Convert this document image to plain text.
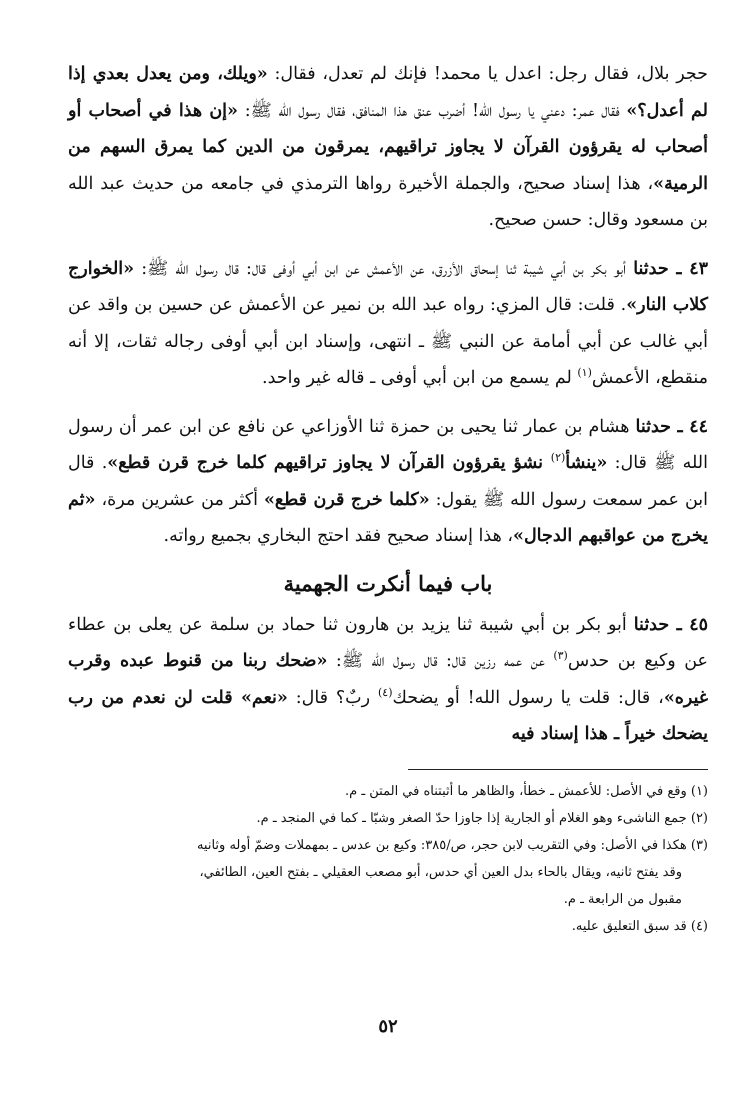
حجر بلال، فقال رجل: اعدل يا محمد! فإنك لم تعدل، فقال: «ويلك، ومن يعدل بعدي إذا لم أعدل؟» فقال عمر: دعني يا رسول الله! أضرب عنق هذا المنافق، فقال رسول الله ﷺ: «إن هذا في أصحاب أو أصحاب له يقرؤون القرآن لا يجاوز تراقيهم، يمرقون من الدين كما يمرق السهم من الرمية»، هذا إسناد صحيح، والجملة الأخيرة رواها الترمذي في جامعه من حديث عبد الله بن مسعود وقال: حسن صحيح.

٤٣ ـ حدثنا أبو بكر بن أبي شيبة ثنا إسحاق الأزرق، عن الأعمش عن ابن أبي أوفى قال: قال رسول الله ﷺ: «الخوارج كلاب النار». قلت: قال المزي: رواه عبد الله بن نمير عن الأعمش عن حسين بن واقد عن أبي غالب عن أبي أمامة عن النبي ﷺ ـ انتهى، وإسناد ابن أبي أوفى رجاله ثقات، إلا أنه منقطع، الأعمش$^{(١)}$ لم يسمع من ابن أبي أوفى ـ قاله غير واحد.

٤٤ ـ حدثنا هشام بن عمار ثنا يحيى بن حمزة ثنا الأوزاعي عن نافع عن ابن عمر أن رسول الله ﷺ قال: «ينشأ$^{(٢)}$ نشؤ يقرؤون القرآن لا يجاوز تراقيهم كلما خرج قرن قطع». قال ابن عمر سمعت رسول الله ﷺ يقول: «كلما خرج قرن قطع» أكثر من عشرين مرة، «ثم يخرج من عواقبهم الدجال»، هذا إسناد صحيح فقد احتج البخاري بجميع رواته.

باب فيما أنكرت الجهمية

٤٥ ـ حدثنا أبو بكر بن أبي شيبة ثنا يزيد بن هارون ثنا حماد بن سلمة عن يعلى بن عطاء عن وكيع بن حدس$^{(٣)}$ عن عمه رزين قال: قال رسول الله ﷺ: «ضحك ربنا من قنوط عبده وقرب غيره»، قال: قلت يا رسول الله! أو يضحك$^{(٤)}$ ربٌ؟ قال: «نعم» قلت لن نعدم من رب يضحك خيراً ـ هذا إسناد فيه

(١) وقع في الأصل: للأعمش ـ خطأ، والظاهر ما أثبتناه في المتن ـ م.

(٢) جمع الناشىء وهو الغلام أو الجارية إذا جاوزا حدّ الصغر وشبّا ـ كما في المنجد ـ م.

(٣) هكذا في الأصل: وفي التقريب لابن حجر، ص/٣٨٥: وكيع بن عدس ـ بمهملات وضمّ أوله وثانيه

وقد يفتح ثانيه، ويقال بالحاء بدل العين أي حدس، أبو مصعب العقيلي ـ بفتح العين، الطائفي،

مقبول من الرابعة ـ م.

(٤) قد سبق التعليق عليه.

٥٢
